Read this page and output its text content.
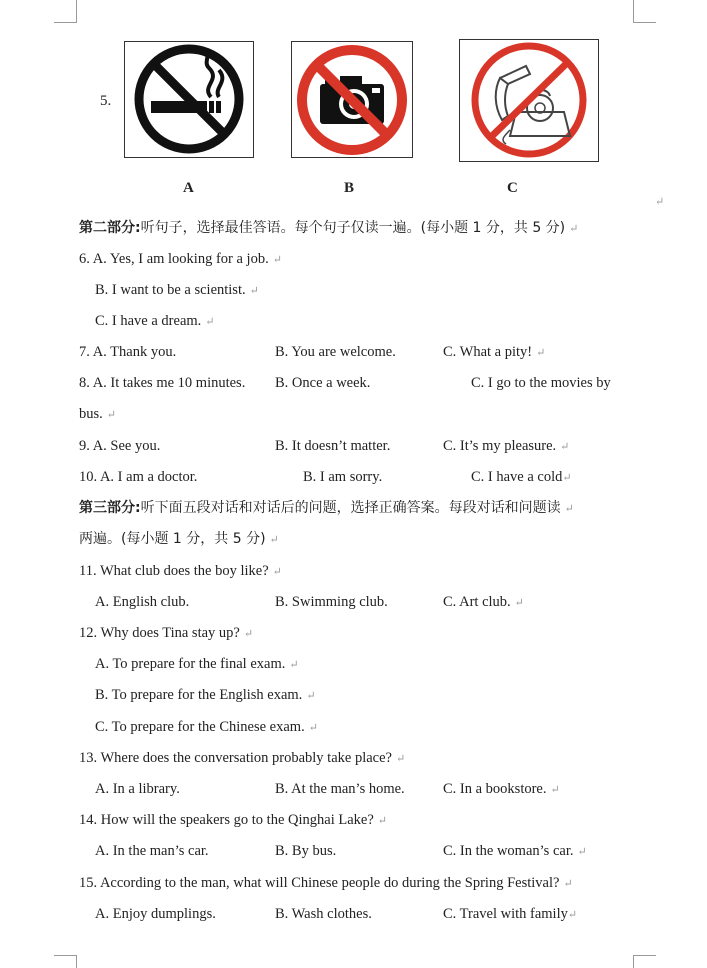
5.
A	B	C
↵
第二部分:听句子，选择最佳答语。每个句子仅读一遍。(每小题 1 分，共 5 分) ↵
6. A. Yes, I am looking for a job. ↵
B. I want to be a scientist. ↵
C. I have a dream. ↵
7. A. Thank you.	B. You are welcome.	C. What a pity! ↵
8. A. It takes me 10 minutes. B. Once a week.	C. I go to the movies by
bus. ↵
9. A. See you.	B. It doesn’t matter.	C. It’s my pleasure. ↵
10. A. I am a doctor.	B. I am sorry.	C. I have a cold↵
第三部分:听下面五段对话和对话后的问题，选择正确答案。每段对话和问题读 ↵
两遍。(每小题 1 分，共 5 分) ↵
11. What club does the boy like? ↵
A. English club.	B. Swimming club.	C. Art club. ↵
12. Why does Tina stay up? ↵
A. To prepare for the final exam. ↵
B. To prepare for the English exam. ↵
C. To prepare for the Chinese exam. ↵
13. Where does the conversation probably take place? ↵
A. In a library.	B. At the man’s home.	C. In a bookstore. ↵
14. How will the speakers go to the Qinghai Lake? ↵
A. In the man’s car.	B. By bus.	C. In the woman’s car. ↵
15. According to the man, what will Chinese people do during the Spring Festival? ↵
A. Enjoy dumplings.	B. Wash clothes.	C. Travel with family↵
